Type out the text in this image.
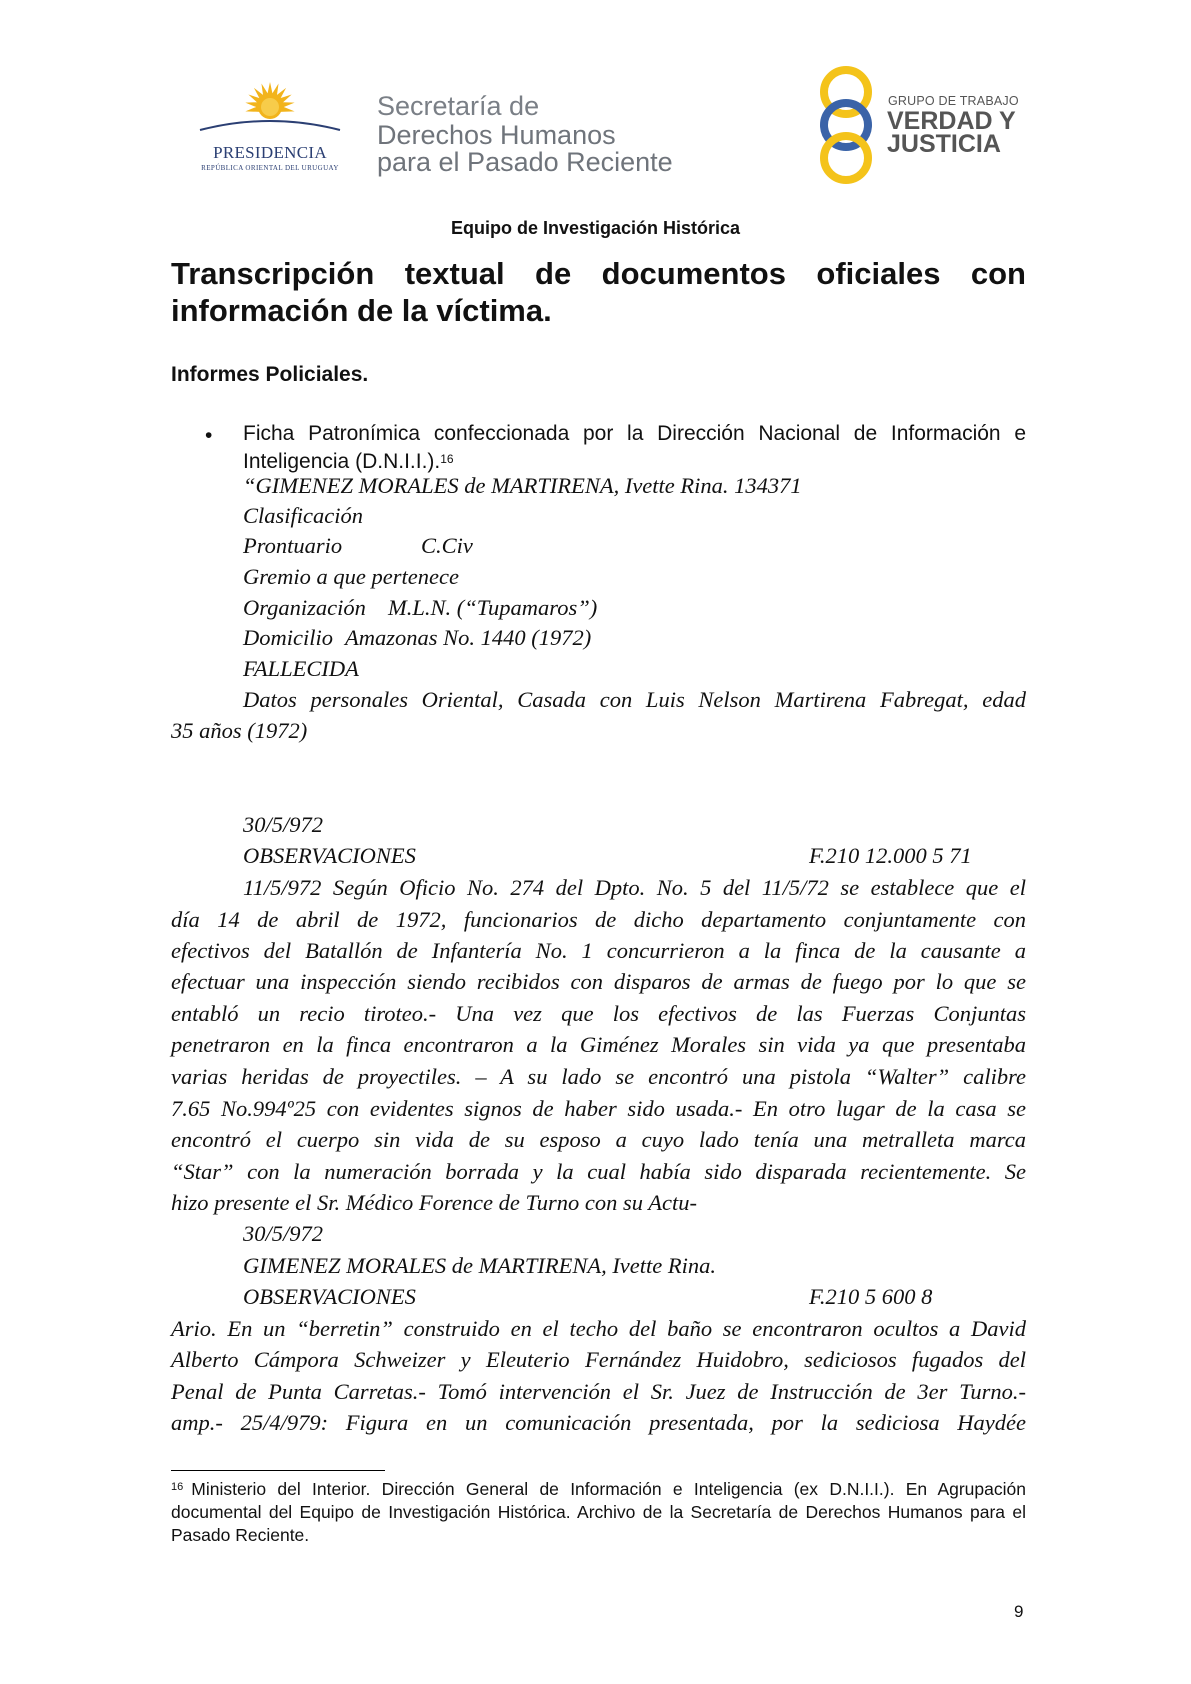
PRESIDENCIA
REPÚBLICA ORIENTAL DEL URUGUAY
Secretaría de
Derechos Humanos
para el Pasado Reciente
GRUPO DE TRABAJO
VERDAD Y
JUSTICIA
Equipo de Investigación Histórica
Transcripción textual de documentos oficiales con información de la víctima.
Informes Policiales.
• Ficha Patronímica confeccionada por la Dirección Nacional de Información e Inteligencia (D.N.I.I.).$^{16}$
“GIMENEZ MORALES de MARTIRENA, Ivette Rina. 134371
Clasificación
Prontuario	C.Civ
Gremio a que pertenece
Organización M.L.N. (“Tupamaros”)
Domicilio Amazonas No. 1440 (1972)
FALLECIDA
Datos personales Oriental, Casada con Luis Nelson Martirena Fabregat, edad
35 años (1972)
30/5/972
OBSERVACIONES	F.210 12.000 5 71
11/5/972 Según Oficio No. 274 del Dpto. No. 5 del 11/5/72 se establece que el
día 14 de abril de 1972, funcionarios de dicho departamento conjuntamente con
efectivos del Batallón de Infantería No. 1 concurrieron a la finca de la causante a
efectuar una inspección siendo recibidos con disparos de armas de fuego por lo que se
entabló un recio tiroteo.- Una vez que los efectivos de las Fuerzas Conjuntas
penetraron en la finca encontraron a la Giménez Morales sin vida ya que presentaba
varias heridas de proyectiles. – A su lado se encontró una pistola “Walter” calibre
7.65 No.994º25 con evidentes signos de haber sido usada.- En otro lugar de la casa se
encontró el cuerpo sin vida de su esposo a cuyo lado tenía una metralleta marca
“Star” con la numeración borrada y la cual había sido disparada recientemente. Se
hizo presente el Sr. Médico Forence de Turno con su Actu-
30/5/972
GIMENEZ MORALES de MARTIRENA, Ivette Rina.
OBSERVACIONES	F.210 5 600 8
Ario. En un “berretin” construido en el techo del baño se encontraron ocultos a David
Alberto Cámpora Schweizer y Eleuterio Fernández Huidobro, sediciosos fugados del
Penal de Punta Carretas.- Tomó intervención el Sr. Juez de Instrucción de 3er Turno.-
amp.- 25/4/979: Figura en un comunicación presentada, por la sediciosa Haydée
$^{16}$ Ministerio del Interior. Dirección General de Información e Inteligencia (ex D.N.I.I.). En Agrupación documental del Equipo de Investigación Histórica. Archivo de la Secretaría de Derechos Humanos para el Pasado Reciente.
9
